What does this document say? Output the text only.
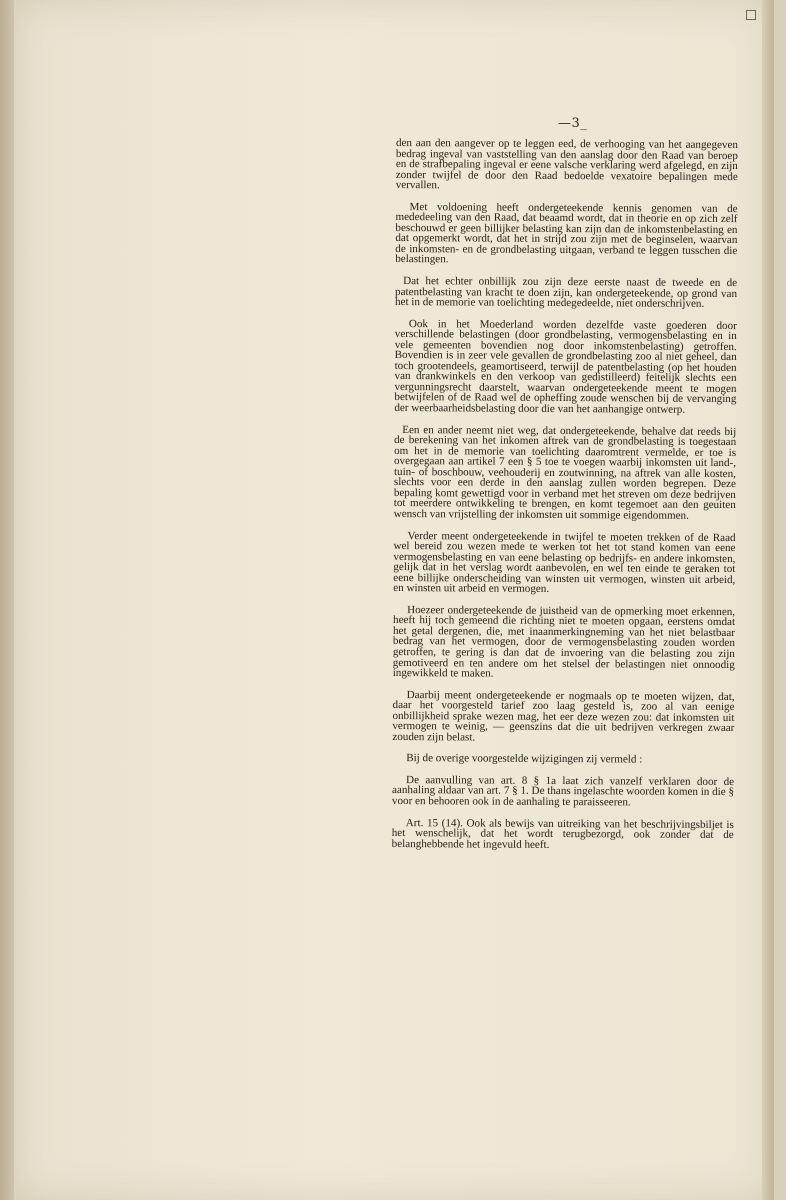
—3_

den aan den aangever op te leggen eed, de verhooging van het aangegeven bedrag ingeval van vaststelling van den aanslag door den Raad van beroep en de strafbepaling ingeval er eene valsche verklaring werd afgelegd, en zijn zonder twijfel de door den Raad bedoelde vexatoire bepalingen mede vervallen.

Met voldoening heeft ondergeteekende kennis genomen van de mededeeling van den Raad, dat beaamd wordt, dat in theorie en op zich zelf beschouwd er geen billijker belasting kan zijn dan de inkomstenbelasting en dat opgemerkt wordt, dat het in strijd zou zijn met de beginselen, waarvan de inkomsten- en de grondbelasting uitgaan, verband te leggen tusschen die belastingen.

Dat het echter onbillijk zou zijn deze eerste naast de tweede en de patentbelasting van kracht te doen zijn, kan ondergeteekende, op grond van het in de memorie van toelichting medegedeelde, niet onderschrijven.

Ook in het Moederland worden dezelfde vaste goederen door verschillende belastingen (door grondbelasting, vermogensbelasting en in vele gemeenten bovendien nog door inkomstenbelasting) getroffen. Bovendien is in zeer vele gevallen de grondbelasting zoo al niet geheel, dan toch grootendeels, geamortiseerd, terwijl de patentbelasting (op het houden van drankwinkels en den verkoop van gedistilleerd) feitelijk slechts een vergunningsrecht daarstelt, waarvan ondergeteekende meent te mogen betwijfelen of de Raad wel de opheffing zoude wenschen bij de vervanging der weerbaarheidsbelasting door die van het aanhangige ontwerp.

Een en ander neemt niet weg, dat ondergeteekende, behalve dat reeds bij de berekening van het inkomen aftrek van de grondbelasting is toegestaan om het in de memorie van toelichting daaromtrent vermelde, er toe is overgegaan aan artikel 7 een § 5 toe te voegen waarbij inkomsten uit land-, tuin- of boschbouw, veehouderij en zoutwinning, na aftrek van alle kosten, slechts voor een derde in den aanslag zullen worden begrepen. Deze bepaling komt gewettigd voor in verband met het streven om deze bedrijven tot meerdere ontwikkeling te brengen, en komt tegemoet aan den geuiten wensch van vrijstelling der inkomsten uit sommige eigendommen.

Verder meent ondergeteekende in twijfel te moeten trekken of de Raad wel bereid zou wezen mede te werken tot het tot stand komen van eene vermogensbelasting en van eene belasting op bedrijfs- en andere inkomsten, gelijk dat in het verslag wordt aanbevolen, en wel ten einde te geraken tot eene billijke onderscheiding van winsten uit vermogen, winsten uit arbeid, en winsten uit arbeid en vermogen.

Hoezeer ondergeteekende de juistheid van de opmerking moet erkennen, heeft hij toch gemeend die richting niet te moeten opgaan, eerstens omdat het getal dergenen, die, met inaanmerkingneming van het niet belastbaar bedrag van het vermogen, door de vermogensbelasting zouden worden getroffen, te gering is dan dat de invoering van die belasting zou zijn gemotiveerd en ten andere om het stelsel der belastingen niet onnoodig ingewikkeld te maken.

Daarbij meent ondergeteekende er nogmaals op te moeten wijzen, dat, daar het voorgesteld tarief zoo laag gesteld is, zoo al van eenige onbillijkheid sprake wezen mag, het eer deze wezen zou: dat inkomsten uit vermogen te weinig, — geenszins dat die uit bedrijven verkregen zwaar zouden zijn belast.

Bij de overige voorgestelde wijzigingen zij vermeld :

De aanvulling van art. 8 § 1a laat zich vanzelf verklaren door de aanhaling aldaar van art. 7 § 1. De thans ingelaschte woorden komen in die § voor en behooren ook in de aanhaling te paraisseeren.

Art. 15 (14). Ook als bewijs van uitreiking van het beschrijvingsbiljet is het wenschelijk, dat het wordt terugbezorgd, ook zonder dat de belanghebbende het ingevuld heeft.
